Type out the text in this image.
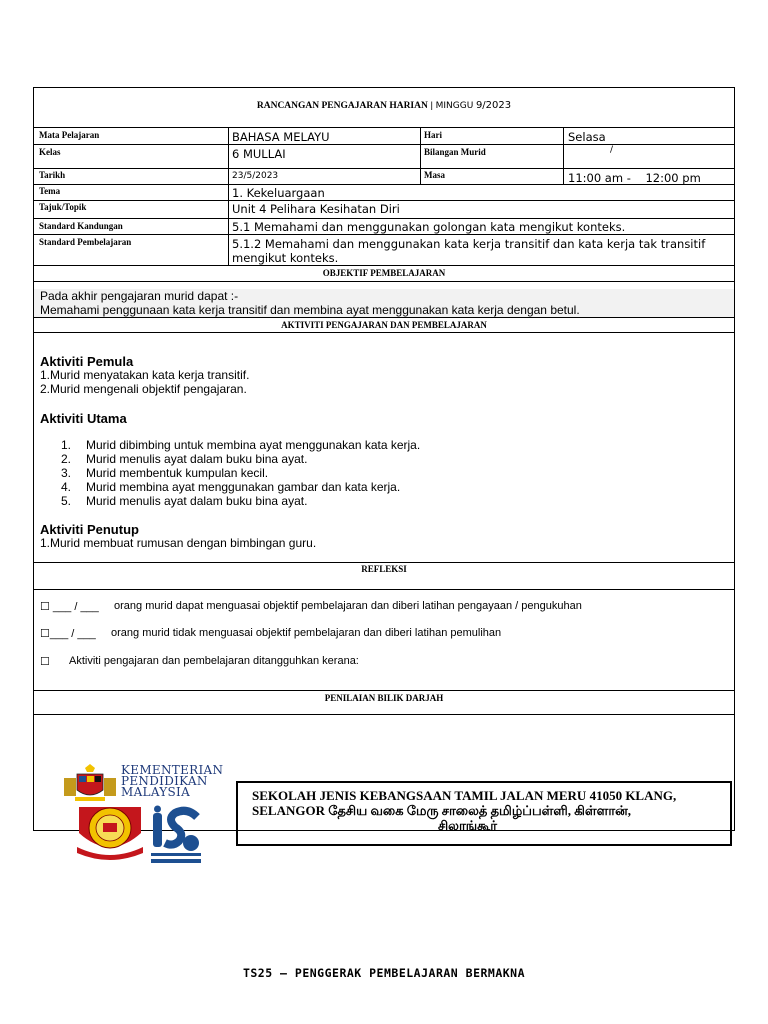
RANCANGAN PENGAJARAN HARIAN | MINGGU 9/2023
Mata Pelajaran	BAHASA MELAYU	Hari	Selasa
Kelas	6 MULLAI	Bilangan Murid	/
Tarikh	23/5/2023	Masa	11:00 am -    12:00 pm
Tema	1. Kekeluargaan
Tajuk/Topik	Unit 4 Pelihara Kesihatan Diri
Standard Kandungan	5.1 Memahami dan menggunakan golongan kata mengikut konteks.
Standard Pembelajaran	5.1.2 Memahami dan menggunakan kata kerja transitif dan kata kerja tak transitif
mengikut konteks.
OBJEKTIF PEMBELAJARAN
Pada akhir pengajaran murid dapat :-
Memahami penggunaan kata kerja transitif dan membina ayat menggunakan kata kerja dengan betul.
AKTIVITI PENGAJARAN DAN PEMBELAJARAN
Aktiviti Pemula
1.Murid menyatakan kata kerja transitif.
2.Murid mengenali objektif pengajaran.
Aktiviti Utama
1. Murid dibimbing untuk membina ayat menggunakan kata kerja.
2. Murid menulis ayat dalam buku bina ayat.
3. Murid membentuk kumpulan kecil.
4. Murid membina ayat menggunakan gambar dan kata kerja.
5. Murid menulis ayat dalam buku bina ayat.
Aktiviti Penutup
1.Murid membuat rumusan dengan bimbingan guru.
REFLEKSI
☐ ___ / ___ orang murid dapat menguasai objektif pembelajaran dan diberi latihan pengayaan / pengukuhan
☐___ / ___ orang murid tidak menguasai objektif pembelajaran dan diberi latihan pemulihan
☐ Aktiviti pengajaran dan pembelajaran ditangguhkan kerana:
PENILAIAN BILIK DARJAH
KEMENTERIAN
PENDIDIKAN
MALAYSIA	SEKOLAH JENIS KEBANGSAAN TAMIL JALAN MERU 41050 KLANG,
SELANGOR தேசிய வகை மேரு சாலைத் தமிழ்ப்பள்ளி, கிள்ளான்,
சிலாங்கூர்
TS25 – PENGGERAK PEMBELAJARAN BERMAKNA
